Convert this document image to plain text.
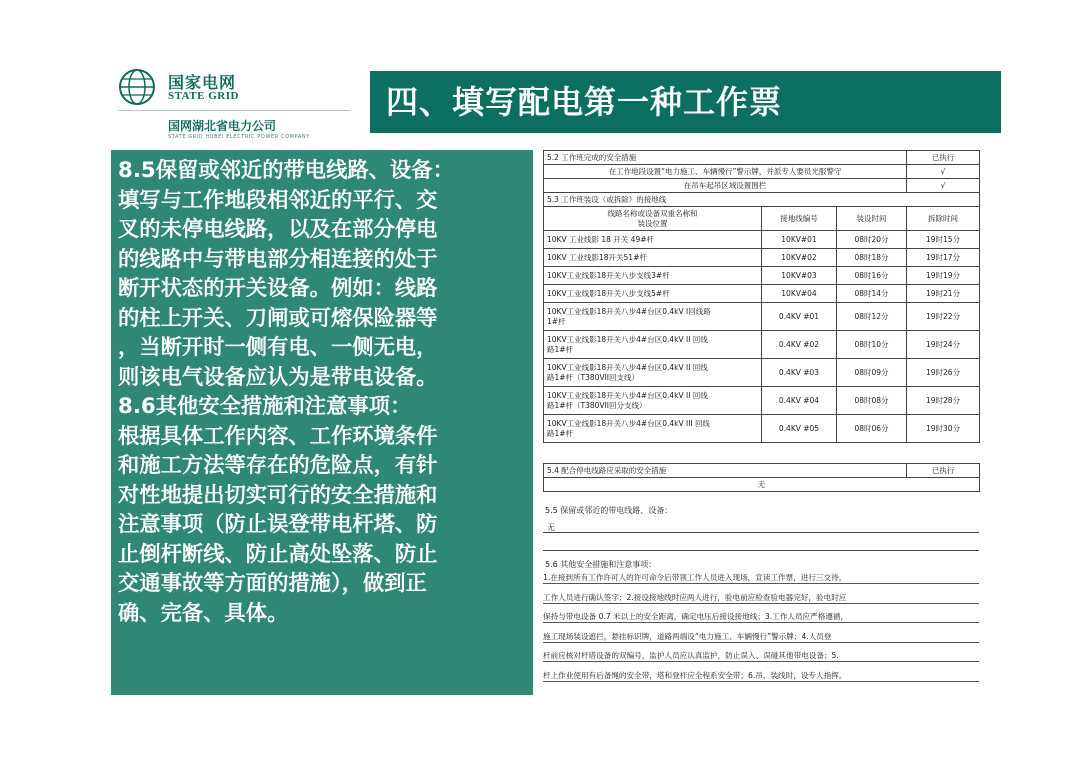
国家电网
STATE GRID
国网湖北省电力公司
STATE GRID HUBEI ELECTRIC POWER COMPANY
四、填写配电第一种工作票

8.5保留或邻近的带电线路、设备：

填写与工作地段相邻近的平行、交

叉的未停电线路，以及在部分停电

的线路中与带电部分相连接的处于

断开状态的开关设备。例如：线路

的柱上开关、刀闸或可熔保险器等

，当断开时一侧有电、一侧无电，

则该电气设备应认为是带电设备。

8.6其他安全措施和注意事项：

根据具体工作内容、工作环境条件

和施工方法等存在的危险点，有针

对性地提出切实可行的安全措施和

注意事项（防止误登带电杆塔、防

止倒杆断线、防止高处坠落、防止

交通事故等方面的措施），做到正

确、完备、具体。

5.2 工作班完成的安全措施			已执行
在工作地段设置“电力施工、车辆慢行”警示牌，并派专人要员光服警守			√
在吊车起吊区域设置围栏			√
5.3 工作班装设（或拆除）的接地线			
线路名称或设备双重名称和
装设位置	接地线编号	装设时间	拆除时间
10KV 工业线影 18 开关 49#杆	10KV#01	08时20分	19时15分
10KV 工业线影18开关51#杆	10KV#02	08时18分	19时17分
10KV工业线影18开关八步支线3#杆	10KV#03	08时16分	19时19分
10KV工业线影18开关八步支线5#杆	10KV#04	08时14分	19时21分
10KV工业线影18开关八步4#台区0.4kV I回线路
1#杆	0.4KV #01	08时12分	19时22分
10KV工业线影18开关八步4#台区0.4kV II 回线
路1#杆	0.4KV #02	08时10分	19时24分
10KV工业线影18开关八步4#台区0.4kV II 回线
路1#杆（T380VII回支线）	0.4KV #03	08时09分	19时26分
10KV工业线影18开关八步4#台区0.4kV II 回线
路1#杆（T380VII回分支线）	0.4KV #04	08时08分	19时28分
10KV工业线影18开关八步4#台区0.4kV III 回线
路1#杆	0.4KV #05	08时06分	19时30分

5.4 配合停电线路应采取的安全措施	已执行
无
5.5 保留或邻近的带电线路、设备：
无
5.6 其他安全措施和注意事项：
1.在接到所有工作许可人的许可命令后带领工作人员进入现场，宣读工作票，进行三交待，
工作人员进行确认签字；2.接设接地线时应两人进行，验电前应检查验电器完好，验电时应
保持与带电设备 0.7 米以上的安全距离，确定电压后接设接地线；3.工作人员应严格遵循，
施工现场装设遮拦，悬挂标识牌，道路两端设“电力施工、车辆慢行”警示牌；4.人员登
杆前应核对杆塔设备的双编号，监护人员应认真监护，防止误入、误碰其他带电设备；5.
杆上作业使用有后备绳的安全带，塔和登杆应全程系安全带；6.吊、装线时，设专人指挥。
